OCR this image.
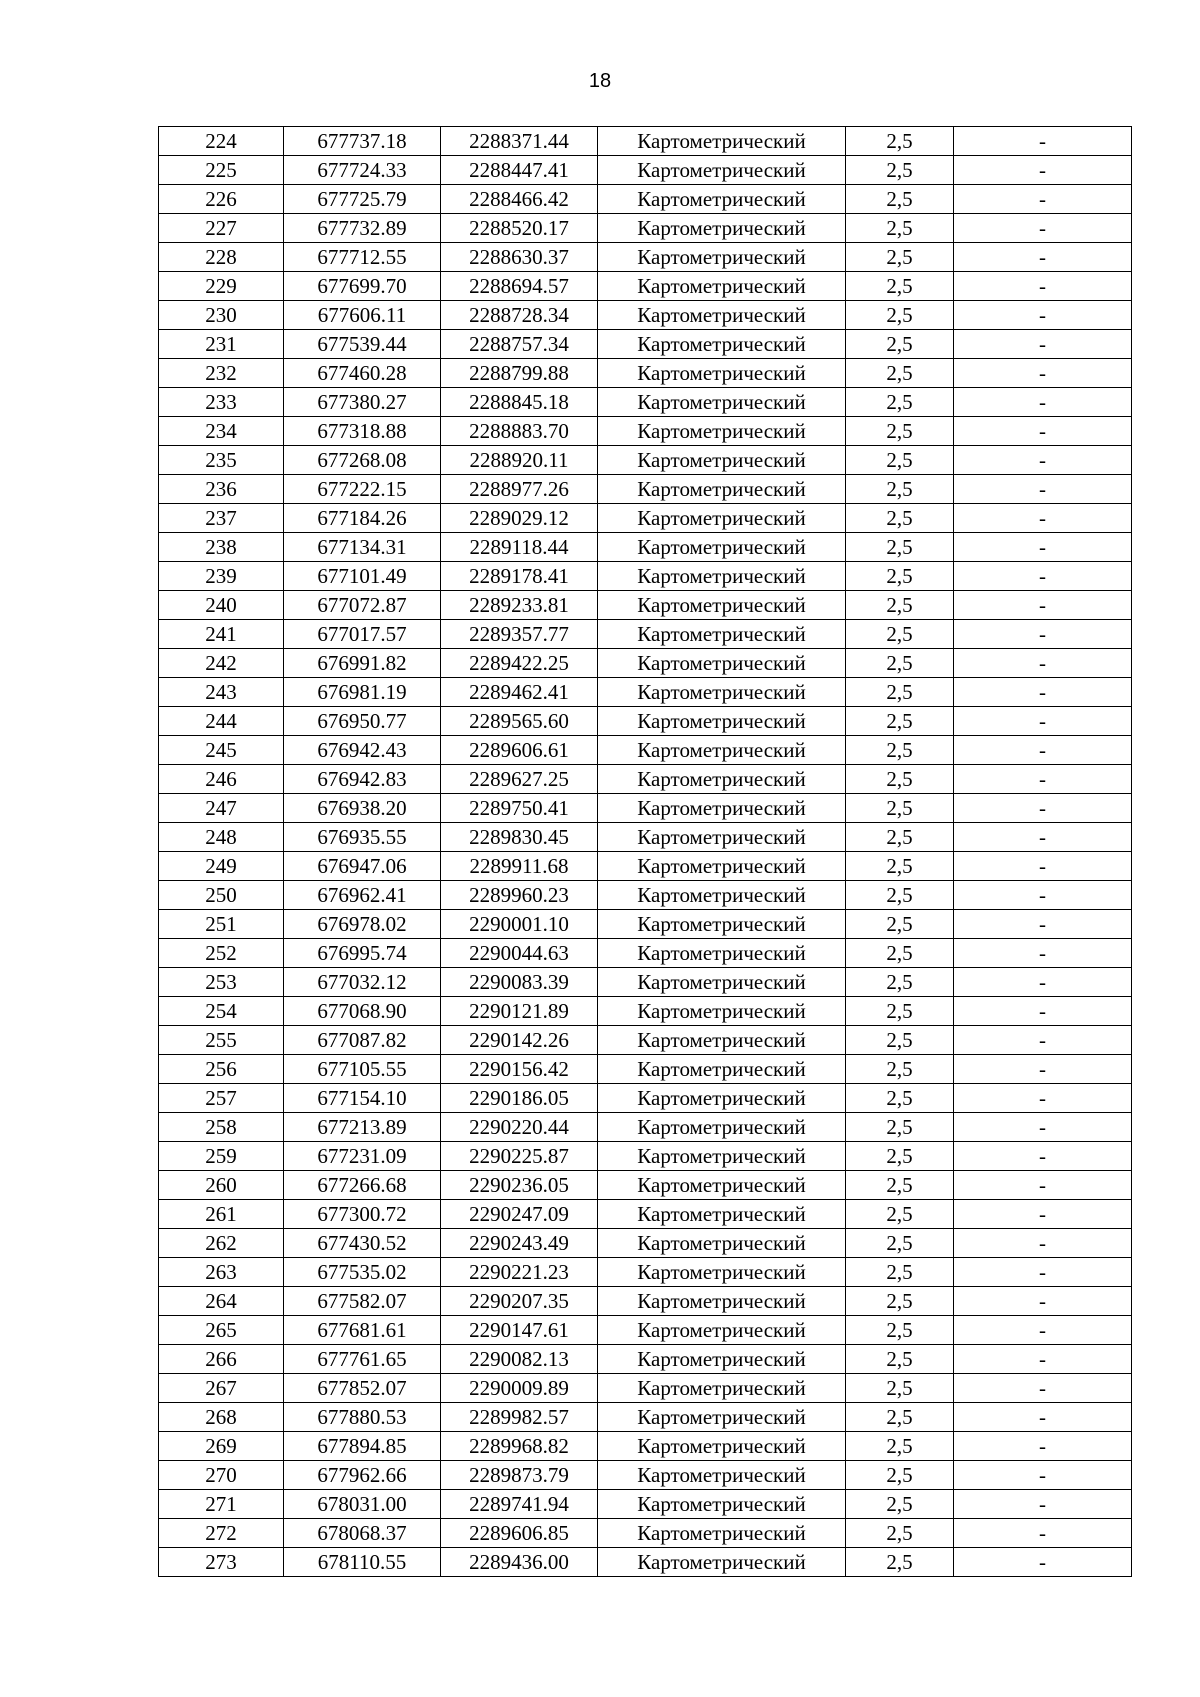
18
224	677737.18	2288371.44	Картометрический	2,5	-
225	677724.33	2288447.41	Картометрический	2,5	-
226	677725.79	2288466.42	Картометрический	2,5	-
227	677732.89	2288520.17	Картометрический	2,5	-
228	677712.55	2288630.37	Картометрический	2,5	-
229	677699.70	2288694.57	Картометрический	2,5	-
230	677606.11	2288728.34	Картометрический	2,5	-
231	677539.44	2288757.34	Картометрический	2,5	-
232	677460.28	2288799.88	Картометрический	2,5	-
233	677380.27	2288845.18	Картометрический	2,5	-
234	677318.88	2288883.70	Картометрический	2,5	-
235	677268.08	2288920.11	Картометрический	2,5	-
236	677222.15	2288977.26	Картометрический	2,5	-
237	677184.26	2289029.12	Картометрический	2,5	-
238	677134.31	2289118.44	Картометрический	2,5	-
239	677101.49	2289178.41	Картометрический	2,5	-
240	677072.87	2289233.81	Картометрический	2,5	-
241	677017.57	2289357.77	Картометрический	2,5	-
242	676991.82	2289422.25	Картометрический	2,5	-
243	676981.19	2289462.41	Картометрический	2,5	-
244	676950.77	2289565.60	Картометрический	2,5	-
245	676942.43	2289606.61	Картометрический	2,5	-
246	676942.83	2289627.25	Картометрический	2,5	-
247	676938.20	2289750.41	Картометрический	2,5	-
248	676935.55	2289830.45	Картометрический	2,5	-
249	676947.06	2289911.68	Картометрический	2,5	-
250	676962.41	2289960.23	Картометрический	2,5	-
251	676978.02	2290001.10	Картометрический	2,5	-
252	676995.74	2290044.63	Картометрический	2,5	-
253	677032.12	2290083.39	Картометрический	2,5	-
254	677068.90	2290121.89	Картометрический	2,5	-
255	677087.82	2290142.26	Картометрический	2,5	-
256	677105.55	2290156.42	Картометрический	2,5	-
257	677154.10	2290186.05	Картометрический	2,5	-
258	677213.89	2290220.44	Картометрический	2,5	-
259	677231.09	2290225.87	Картометрический	2,5	-
260	677266.68	2290236.05	Картометрический	2,5	-
261	677300.72	2290247.09	Картометрический	2,5	-
262	677430.52	2290243.49	Картометрический	2,5	-
263	677535.02	2290221.23	Картометрический	2,5	-
264	677582.07	2290207.35	Картометрический	2,5	-
265	677681.61	2290147.61	Картометрический	2,5	-
266	677761.65	2290082.13	Картометрический	2,5	-
267	677852.07	2290009.89	Картометрический	2,5	-
268	677880.53	2289982.57	Картометрический	2,5	-
269	677894.85	2289968.82	Картометрический	2,5	-
270	677962.66	2289873.79	Картометрический	2,5	-
271	678031.00	2289741.94	Картометрический	2,5	-
272	678068.37	2289606.85	Картометрический	2,5	-
273	678110.55	2289436.00	Картометрический	2,5	-
